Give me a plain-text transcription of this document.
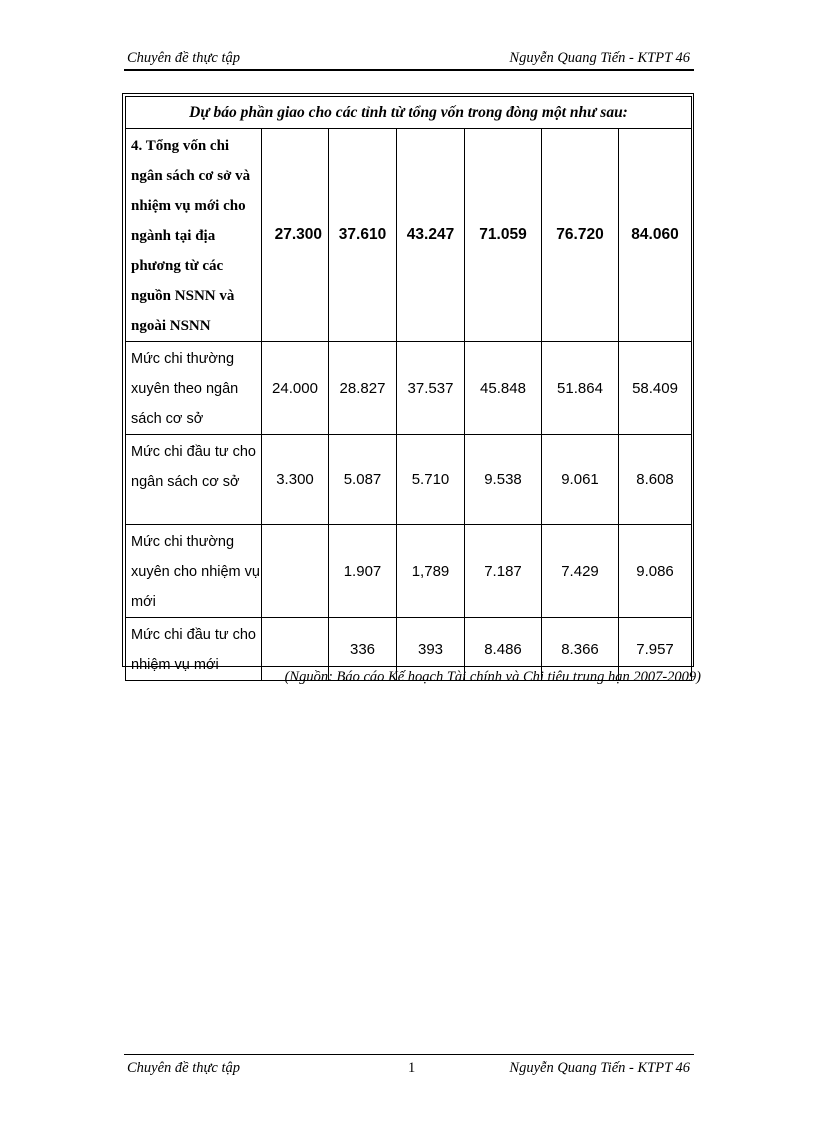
Chuyên đề thực tập	Nguyễn Quang Tiến - KTPT 46
Dự báo phần giao cho các tỉnh từ tổng vốn trong đòng một như sau:						
4. Tổng vốn chi ngân sách cơ sở và nhiệm vụ mới cho ngành tại địa phương từ các nguồn NSNN và ngoài NSNN	27.300	37.610	43.247	71.059	76.720	84.060
Mức chi thường xuyên theo ngân sách cơ sở	24.000	28.827	37.537	45.848	51.864	58.409
Mức chi đầu tư cho ngân sách cơ sở	3.300	5.087	5.710	9.538	9.061	8.608
Mức chi thường xuyên cho nhiệm vụ mới		1.907	1,789	7.187	7.429	9.086
Mức chi đầu tư cho nhiệm vụ mới		336	393	8.486	8.366	7.957
(Nguồn: Báo cáo Kế hoạch Tài chính và Chi tiêu trung hạn 2007-2009)
Chuyên đề thực tập	1	Nguyễn Quang Tiến - KTPT 46
